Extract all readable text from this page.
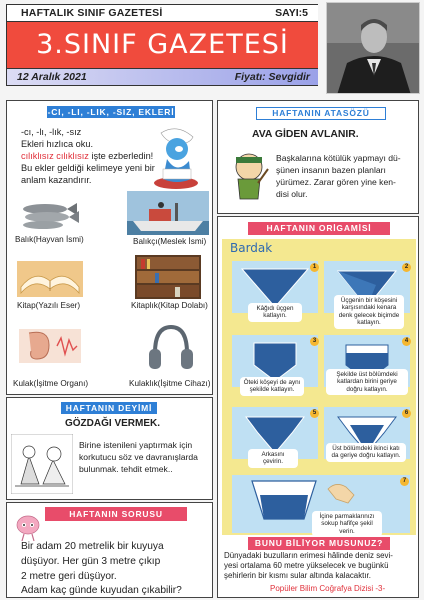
HAFTALIK SINIF GAZETESİ	SAYI:5
3.SINIF GAZETESİ
12 Aralık 2021	Fiyatı: Sevgidir
-CI, -LI, -LIK, -SIZ, EKLERİ
-cı, -lı, -lık, -sız
Ekleri hızlıca oku.
cılıklısız cılıklısız işte ezberledin!
Bu ekler geldiği kelimeye yeni bir
anlam kazandırır.
Balık(Hayvan İsmi)	Balıkçı(Meslek İsmi)
Kitap(Yazılı Eser)	Kitaplık(Kitap Dolabı)
Kulak(İşitme Organı)	Kulaklık(İşitme Cihazı)
HAFTANIN DEYİMİ
GÖZDAĞI VERMEK.
Birine istenileni yaptırmak için
korkutucu söz ve davranışlarda
bulunmak. tehdit etmek..
HAFTANIN SORUSU
Bir adam 20 metrelik bir kuyuya
düşüyor. Her gün 3 metre çıkıp
2 metre geri düşüyor.
Adam kaç günde kuyudan çıkabilir?
HAFTANIN ATASÖZÜ
AVA GİDEN AVLANIR.
Başkalarına kötülük yapmayı dü-
şünen insanın bazen planları
yürümez. Zarar gören yine ken-
disi olur.
HAFTANIN ORİGAMİSİ
Bardak
1
Kâğıdı üçgen katlayın.
2
Üçgenin bir köşesini karşısındaki kenara denk gelecek biçimde katlayın.
3
Öteki köşeyi de aynı şekilde katlayın.
4
Şekilde üst bölümdeki katlardan birini geriye doğru katlayın.
5
Arkasını çevirin.
6
Üst bölümdeki ikinci katı da geriye doğru katlayın.
7
İçine parmaklarınızı sokup hafifçe şekil verin.
BUNU BİLİYOR MUSUNUZ?
Dünyadaki buzulların erimesi hâlinde deniz sevi-
yesi ortalama 60 metre yükselecek ve bugünkü
şehirlerin bir kısmı sular altında kalacaktır.
Popüler Bilim Coğrafya Dizisi -3-
